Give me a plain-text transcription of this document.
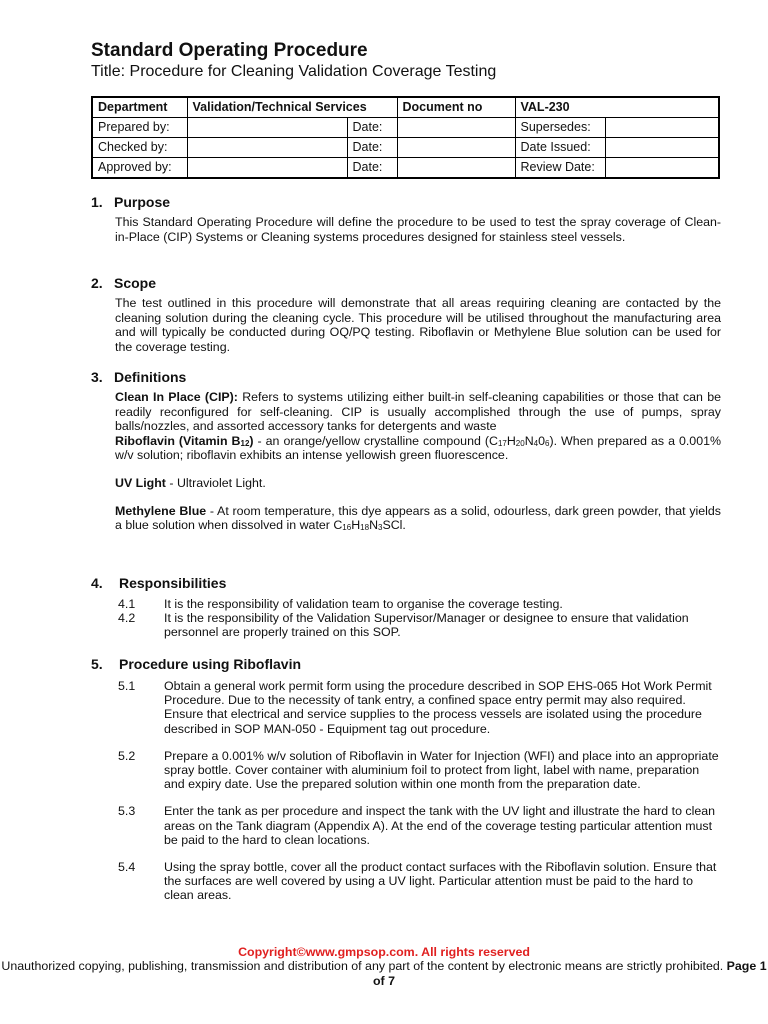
Standard Operating Procedure
Title: Procedure for Cleaning Validation Coverage Testing
Department	Validation/Technical Services		Document no	VAL-230	
Prepared by:		Date:		Supersedes:	
Checked by:		Date:		Date Issued:	
Approved by:		Date:		Review Date:	
1. Purpose

This Standard Operating Procedure will define the procedure to be used to test the spray coverage of Clean-in-Place (CIP) Systems or Cleaning systems procedures designed for stainless steel vessels.

2. Scope

The test outlined in this procedure will demonstrate that all areas requiring cleaning are contacted by the cleaning solution during the cleaning cycle. This procedure will be utilised throughout the manufacturing area and will typically be conducted during OQ/PQ testing. Riboflavin or Methylene Blue solution can be used for the coverage testing.

3. Definitions

Clean In Place (CIP): Refers to systems utilizing either built-in self-cleaning capabilities or those that can be readily reconfigured for self-cleaning. CIP is usually accomplished through the use of pumps, spray balls/nozzles, and assorted accessory tanks for detergents and waste

Riboflavin (Vitamin B12) - an orange/yellow crystalline compound (C17H20N406). When prepared as a 0.001% w/v solution; riboflavin exhibits an intense yellowish green fluorescence.

UV Light - Ultraviolet Light.

Methylene Blue - At room temperature, this dye appears as a solid, odourless, dark green powder, that yields a blue solution when dissolved in water C16H18N3SCl.

4.	Responsibilities
4.1	It is the responsibility of validation team to organise the coverage testing.
4.2	It is the responsibility of the Validation Supervisor/Manager or designee to ensure that validation personnel are properly trained on this SOP.
5.	Procedure using Riboflavin
5.1	Obtain a general work permit form using the procedure described in SOP EHS-065 Hot Work Permit Procedure. Due to the necessity of tank entry, a confined space entry permit may also required. Ensure that electrical and service supplies to the process vessels are isolated using the procedure described in SOP MAN-050 - Equipment tag out procedure.
5.2	Prepare a 0.001% w/v solution of Riboflavin in Water for Injection (WFI) and place into an appropriate spray bottle. Cover container with aluminium foil to protect from light, label with name, preparation and expiry date. Use the prepared solution within one month from the preparation date.
5.3	Enter the tank as per procedure and inspect the tank with the UV light and illustrate the hard to clean areas on the Tank diagram (Appendix A). At the end of the coverage testing particular attention must be paid to the hard to clean locations.
5.4	Using the spray bottle, cover all the product contact surfaces with the Riboflavin solution. Ensure that the surfaces are well covered by using a UV light. Particular attention must be paid to the hard to clean areas.
Copyright©www.gmpsop.com. All rights reserved
Unauthorized copying, publishing, transmission and distribution of any part of the content by electronic means are strictly prohibited. Page 1 of 7
